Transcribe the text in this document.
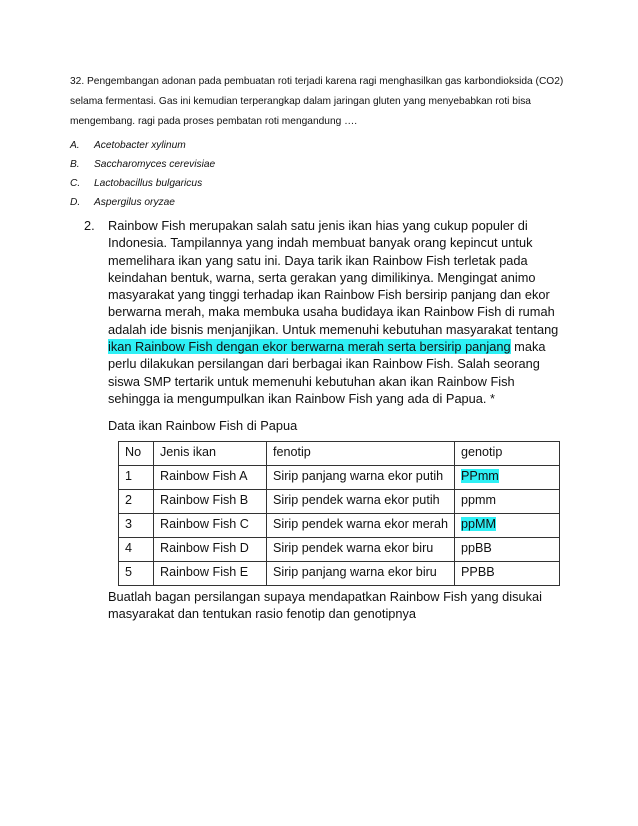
32. Pengembangan adonan pada pembuatan roti terjadi karena ragi menghasilkan gas karbondioksida (CO2) selama fermentasi. Gas ini kemudian terperangkap dalam jaringan gluten yang menyebabkan roti bisa mengembang. ragi pada proses pembatan roti mengandung ….

A.	Acetobacter xylinum
B.	Saccharomyces cerevisiae
C.	Lactobacillus bulgaricus
D.	Aspergilus oryzae
2. Rainbow Fish merupakan salah satu jenis ikan hias yang cukup populer di Indonesia. Tampilannya yang indah membuat banyak orang kepincut untuk memelihara ikan yang satu ini. Daya tarik ikan Rainbow Fish terletak pada keindahan bentuk, warna, serta gerakan yang dimilikinya. Mengingat animo masyarakat yang tinggi terhadap ikan Rainbow Fish bersirip panjang dan ekor berwarna merah, maka membuka usaha budidaya ikan Rainbow Fish di rumah adalah ide bisnis menjanjikan. Untuk memenuhi kebutuhan masyarakat tentang ikan Rainbow Fish dengan ekor berwarna merah serta bersirip panjang maka perlu dilakukan persilangan dari berbagai ikan Rainbow Fish. Salah seorang siswa SMP tertarik untuk memenuhi kebutuhan akan ikan Rainbow Fish sehingga ia mengumpulkan ikan Rainbow Fish yang ada di Papua. *

Data ikan Rainbow Fish di Papua
No	Jenis ikan	fenotip	genotip
1	Rainbow Fish A	Sirip panjang warna ekor putih	PPmm
2	Rainbow Fish B	Sirip pendek warna ekor putih	ppmm
3	Rainbow Fish C	Sirip pendek warna ekor merah	ppMM
4	Rainbow Fish D	Sirip pendek warna ekor biru	ppBB
5	Rainbow Fish E	Sirip panjang warna ekor biru	PPBB

Buatlah bagan persilangan supaya mendapatkan Rainbow Fish yang disukai masyarakat dan tentukan rasio fenotip dan genotipnya
